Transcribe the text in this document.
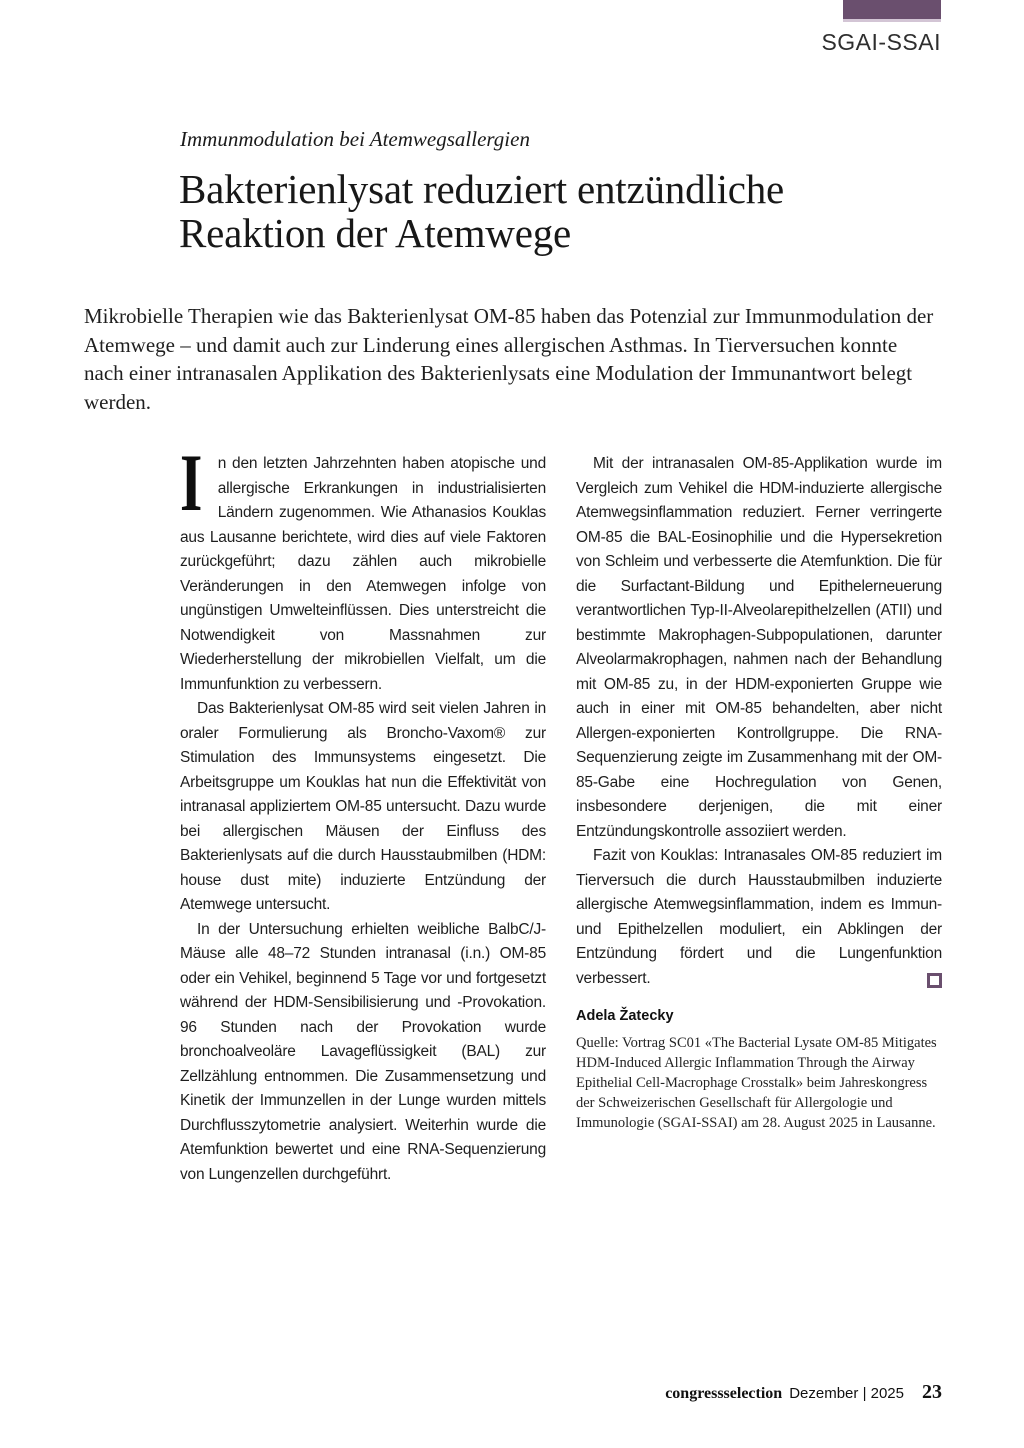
SGAI-SSAI
Immunmodulation bei Atemwegsallergien
Bakterienlysat reduziert entzündliche
Reaktion der Atemwege

Mikrobielle Therapien wie das Bakterienlysat OM-85 haben das Potenzial zur Immunmodulation der Atemwege – und damit auch zur Linderung eines allergischen Asthmas. In Tierversuchen konnte nach einer intranasalen Applikation des Bakterienlysats eine Modulation der Immunantwort belegt werden.

I	n den letzten Jahrzehnten haben atopische und allergische Erkrankungen in industrialisierten Ländern zugenommen. Wie Athanasios Kouklas aus Lausanne berichtete, wird dies auf viele Faktoren zurückgeführt; dazu zählen auch mikrobielle Veränderungen in den Atemwegen infolge von ungünstigen Umwelteinflüssen. Dies unterstreicht die Notwendigkeit von Massnahmen zur Wiederherstellung der mikrobiellen Vielfalt, um die Immunfunktion zu verbessern.

Das Bakterienlysat OM-85 wird seit vielen Jahren in oraler Formulierung als Broncho-Vaxom® zur Stimulation des Immunsystems eingesetzt. Die Arbeitsgruppe um Kouklas hat nun die Effektivität von intranasal appliziertem OM-85 untersucht. Dazu wurde bei allergischen Mäusen der Einfluss des Bakterienlysats auf die durch Hausstaubmilben (HDM: house dust mite) induzierte Entzündung der Atemwege untersucht.

In der Untersuchung erhielten weibliche BalbC/J-Mäuse alle 48–72 Stunden intranasal (i.n.) OM-85 oder ein Vehikel, beginnend 5 Tage vor und fortgesetzt während der HDM-Sensibilisierung und -Provokation. 96 Stunden nach der Provokation wurde bronchoalveoläre Lavageflüssigkeit (BAL) zur Zellzählung entnommen. Die Zusammensetzung und Kinetik der Immunzellen in der Lunge wurden mittels Durchflusszytometrie analysiert. Weiterhin wurde die Atemfunktion bewertet und eine RNA-Sequenzierung von Lungenzellen durchgeführt.

Mit der intranasalen OM-85-Applikation wurde im Vergleich zum Vehikel die HDM-induzierte allergische Atemwegsinflammation reduziert. Ferner verringerte OM-85 die BAL-Eosinophilie und die Hypersekretion von Schleim und verbesserte die Atemfunktion. Die für die Surfactant-Bildung und Epithelerneuerung verantwortlichen Typ-II-Alveolarepithelzellen (ATII) und bestimmte Makrophagen-Subpopulationen, darunter Alveolarmakrophagen, nahmen nach der Behandlung mit OM-85 zu, in der HDM-exponierten Gruppe wie auch in einer mit OM-85 behandelten, aber nicht Allergen-exponierten Kontrollgruppe. Die RNA-Sequenzierung zeigte im Zusammenhang mit der OM-85-Gabe eine Hochregulation von Genen, insbesondere derjenigen, die mit einer Entzündungskontrolle assoziiert werden.

Fazit von Kouklas: Intranasales OM-85 reduziert im Tierversuch die durch Hausstaubmilben induzierte allergische Atemwegsinflammation, indem es Immun- und Epithelzellen moduliert, ein Abklingen der Entzündung fördert und die Lungenfunktion verbessert.

Adela Žatecky

Quelle: Vortrag SC01 «The Bacterial Lysate OM-85 Mitigates HDM-Induced Allergic Inflammation Through the Airway Epithelial Cell-Macrophage Crosstalk» beim Jahreskongress der Schweizerischen Gesellschaft für Allergologie und Immunologie (SGAI-SSAI) am 28. August 2025 in Lausanne.

congressselection Dezember | 2025 23
